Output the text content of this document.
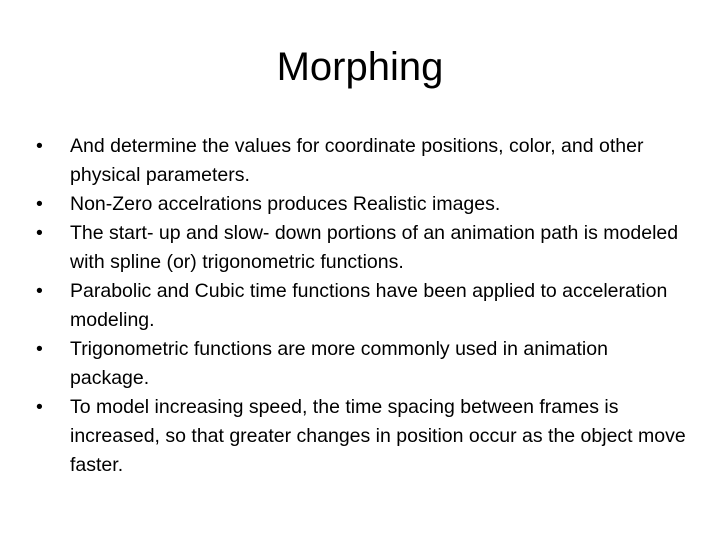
Morphing
•	And determine the values for coordinate positions, color, and other physical parameters.
•	Non-Zero accelrations produces Realistic images.
•	The start- up and slow- down portions of an animation path is modeled with spline (or) trigonometric functions.
•	Parabolic and Cubic time functions have been applied to acceleration modeling.
•	Trigonometric functions are more commonly used in animation package.
•	To model increasing speed, the time spacing between frames is increased, so that greater changes in position occur as the object move faster.
